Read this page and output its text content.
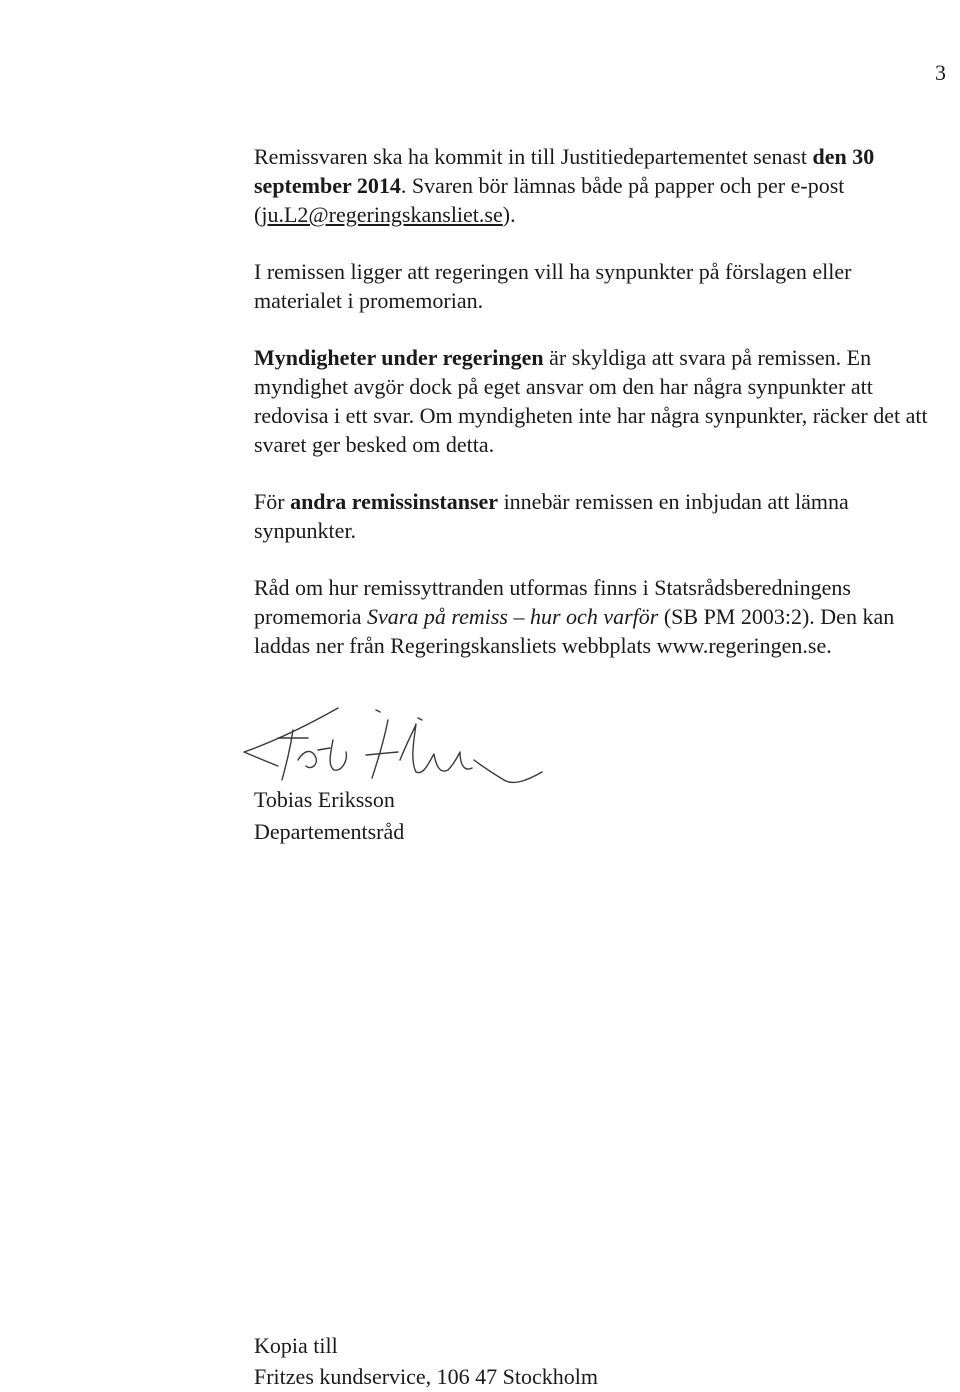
3

Remissvaren ska ha kommit in till Justitiedepartementet senast den 30 september 2014. Svaren bör lämnas både på papper och per e-post (ju.L2@regeringskansliet.se).

I remissen ligger att regeringen vill ha synpunkter på förslagen eller materialet i promemorian.

Myndigheter under regeringen är skyldiga att svara på remissen. En myndighet avgör dock på eget ansvar om den har några synpunkter att redovisa i ett svar. Om myndigheten inte har några synpunkter, räcker det att svaret ger besked om detta.

För andra remissinstanser innebär remissen en inbjudan att lämna synpunkter.

Råd om hur remissyttranden utformas finns i Statsrådsberedningens promemoria Svara på remiss – hur och varför (SB PM 2003:2). Den kan laddas ner från Regeringskansliets webbplats www.regeringen.se.

Tobias Eriksson
Departementsråd
Kopia till
Fritzes kundservice, 106 47 Stockholm
